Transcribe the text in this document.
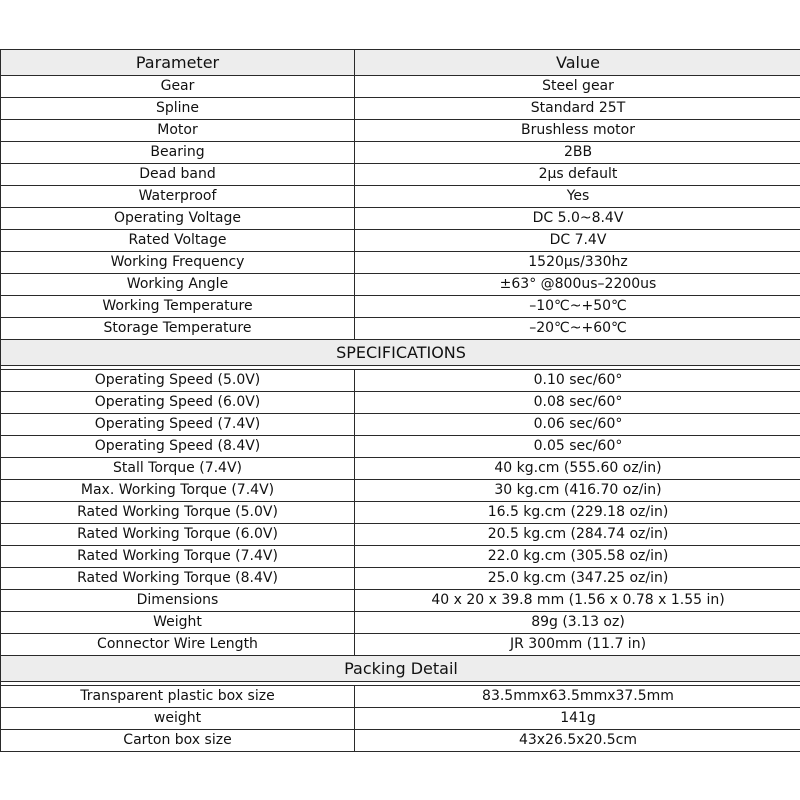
Parameter	Value
Gear	Steel gear
Spline	Standard 25T
Motor	Brushless motor
Bearing	2BB
Dead band	2μs default
Waterproof	Yes
Operating Voltage	DC 5.0~8.4V
Rated Voltage	DC 7.4V
Working Frequency	1520μs/330hz
Working Angle	±63° @800us–2200us
Working Temperature	–10℃~+50℃
Storage Temperature	–20℃~+60℃
SPECIFICATIONS	

Operating Speed (5.0V)	0.10 sec/60°
Operating Speed (6.0V)	0.08 sec/60°
Operating Speed (7.4V)	0.06 sec/60°
Operating Speed (8.4V)	0.05 sec/60°
Stall Torque (7.4V)	40 kg.cm (555.60 oz/in)
Max. Working Torque (7.4V)	30 kg.cm (416.70 oz/in)
Rated Working Torque (5.0V)	16.5 kg.cm (229.18 oz/in)
Rated Working Torque (6.0V)	20.5 kg.cm (284.74 oz/in)
Rated Working Torque (7.4V)	22.0 kg.cm (305.58 oz/in)
Rated Working Torque (8.4V)	25.0 kg.cm (347.25 oz/in)
Dimensions	40 x 20 x 39.8 mm (1.56 x 0.78 x 1.55 in)
Weight	89g (3.13 oz)
Connector Wire Length	JR 300mm (11.7 in)
Packing Detail	

Transparent plastic box size	83.5mmx63.5mmx37.5mm
weight	141g
Carton box size	43x26.5x20.5cm
